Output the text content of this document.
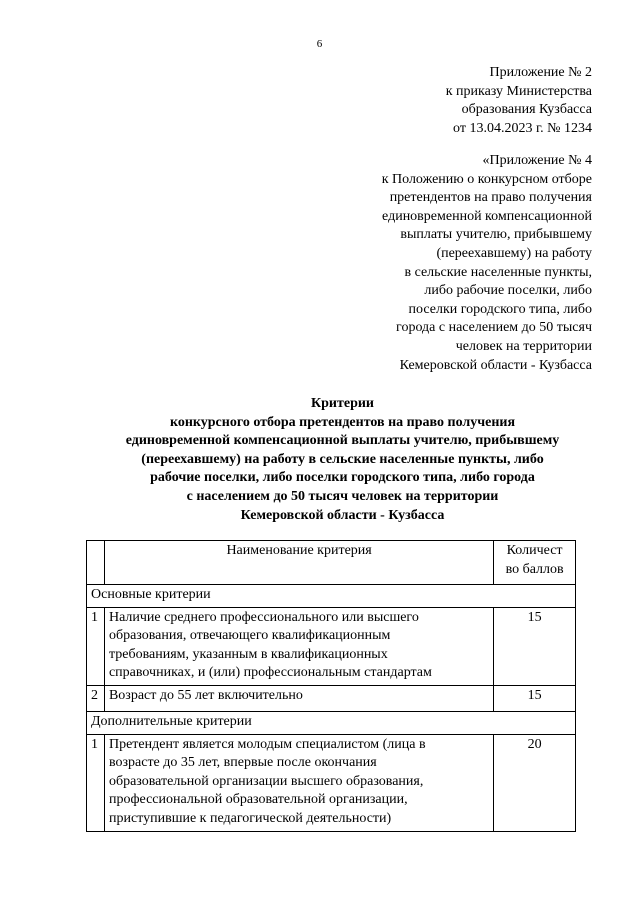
6
Приложение № 2
к приказу Министерства
образования Кузбасса
от 13.04.2023 г. № 1234
«Приложение № 4
к Положению о конкурсном отборе
претендентов на право получения
единовременной компенсационной
выплаты учителю, прибывшему
(переехавшему) на работу
в сельские населенные пункты,
либо рабочие поселки, либо
поселки городского типа, либо
города с населением до 50 тысяч
человек на территории
Кемеровской области - Кузбасса
Критерии
конкурсного отбора претендентов на право получения
единовременной компенсационной выплаты учителю, прибывшему
(переехавшему) на работу в сельские населенные пункты, либо
рабочие поселки, либо поселки городского типа, либо города
с населением до 50 тысяч человек на территории
Кемеровской области - Кузбасса
	Наименование критерия	Количест
во баллов

Основные критерии		
1	Наличие среднего профессионального или высшего
образования, отвечающего квалификационным
требованиям, указанным в квалификационных
справочниках, и (или) профессиональным стандартам	15
2	Возраст до 55 лет включительно	15
Дополнительные критерии		
1	Претендент является молодым специалистом (лица в
возрасте до 35 лет, впервые после окончания
образовательной организации высшего образования,
профессиональной образовательной организации,
приступившие к педагогической деятельности)	20
